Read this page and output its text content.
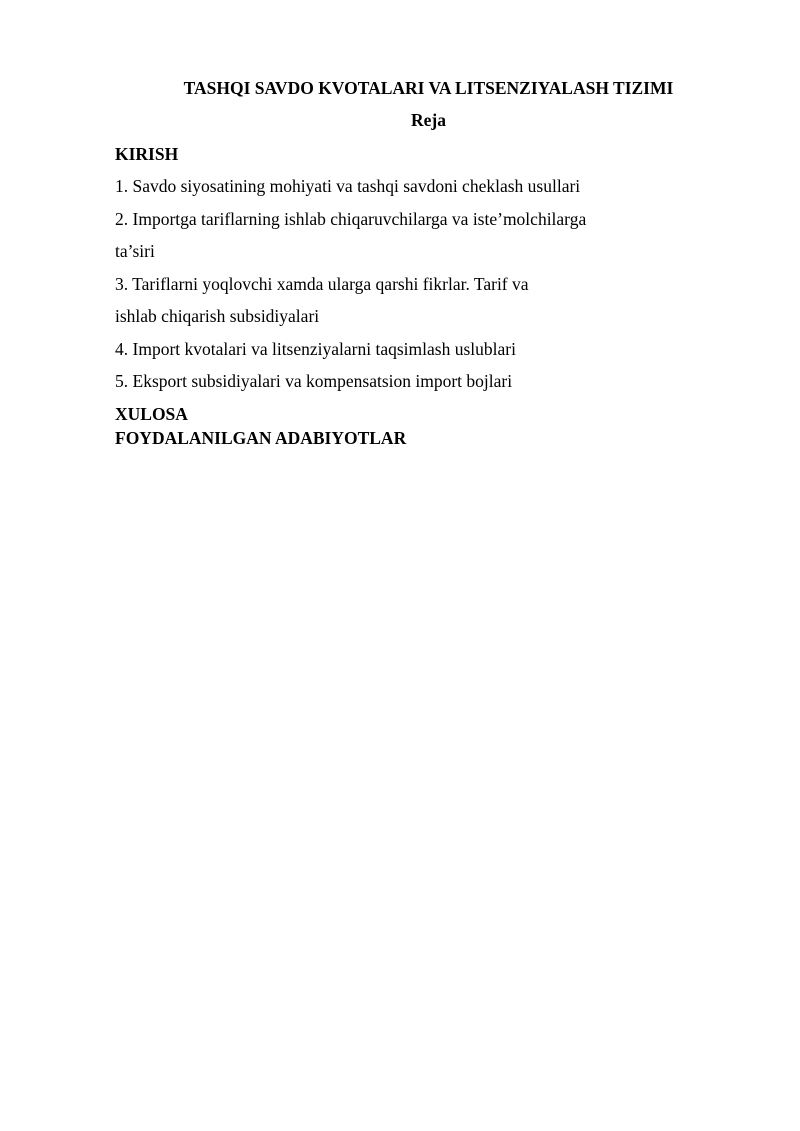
TASHQI SAVDO KVOTALARI VA LITSENZIYALASH TIZIMI

Reja

KIRISH

1. Savdo siyosatining mohiyati va tashqi savdoni cheklash usullari

2. Importga tariflarning ishlab chiqaruvchilarga va iste’molchilarga

ta’siri

3. Tariflarni yoqlovchi xamda ularga qarshi fikrlar. Tarif va

ishlab chiqarish subsidiyalari

4. Import kvotalari va litsenziyalarni taqsimlash uslublari

5. Eksport subsidiyalari va kompensatsion import bojlari

XULOSA

FOYDALANILGAN ADABIYOTLAR
